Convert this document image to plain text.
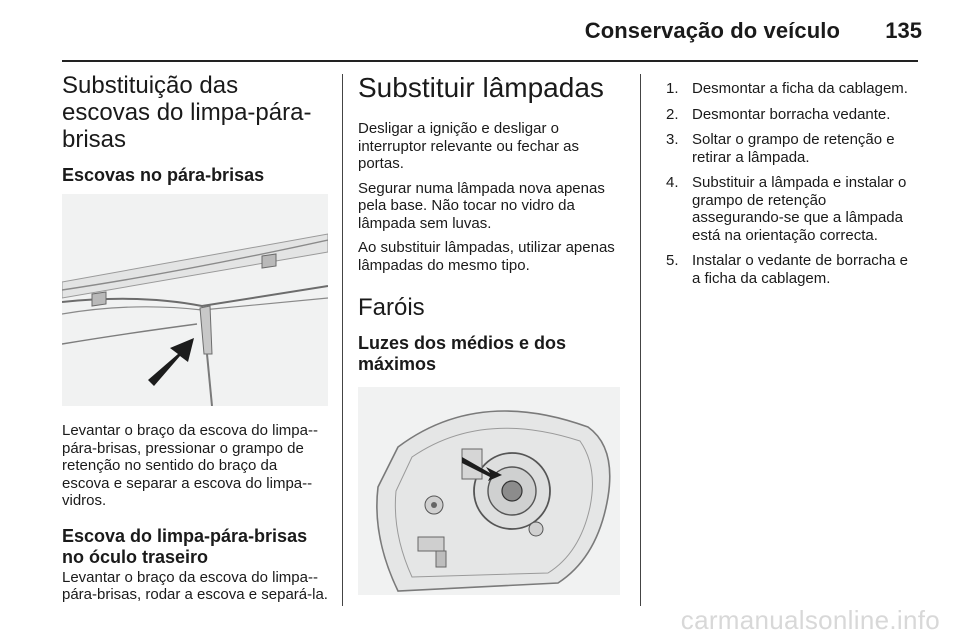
Conservação do veículo 135
Substituição das escovas do limpa-pára-brisas
Escovas no pára-brisas

Levantar o braço da escova do limpa--pára-brisas, pressionar o grampo de retenção no sentido do braço da escova e separar a escova do limpa--vidros.

Escova do limpa-pára-brisas no óculo traseiro

Levantar o braço da escova do limpa--pára-brisas, rodar a escova e separá-la.

Substituir lâmpadas

Desligar a ignição e desligar o interruptor relevante ou fechar as portas.

Segurar numa lâmpada nova apenas pela base. Não tocar no vidro da lâmpada sem luvas.

Ao substituir lâmpadas, utilizar apenas lâmpadas do mesmo tipo.

Faróis
Luzes dos médios e dos máximos
1. Desmontar a ficha da cablagem.
2. Desmontar borracha vedante.
3. Soltar o grampo de retenção e retirar a lâmpada.
4. Substituir a lâmpada e instalar o grampo de retenção assegurando-se que a lâmpada está na orientação correcta.
5. Instalar o vedante de borracha e a ficha da cablagem.
carmanualsonline.info
